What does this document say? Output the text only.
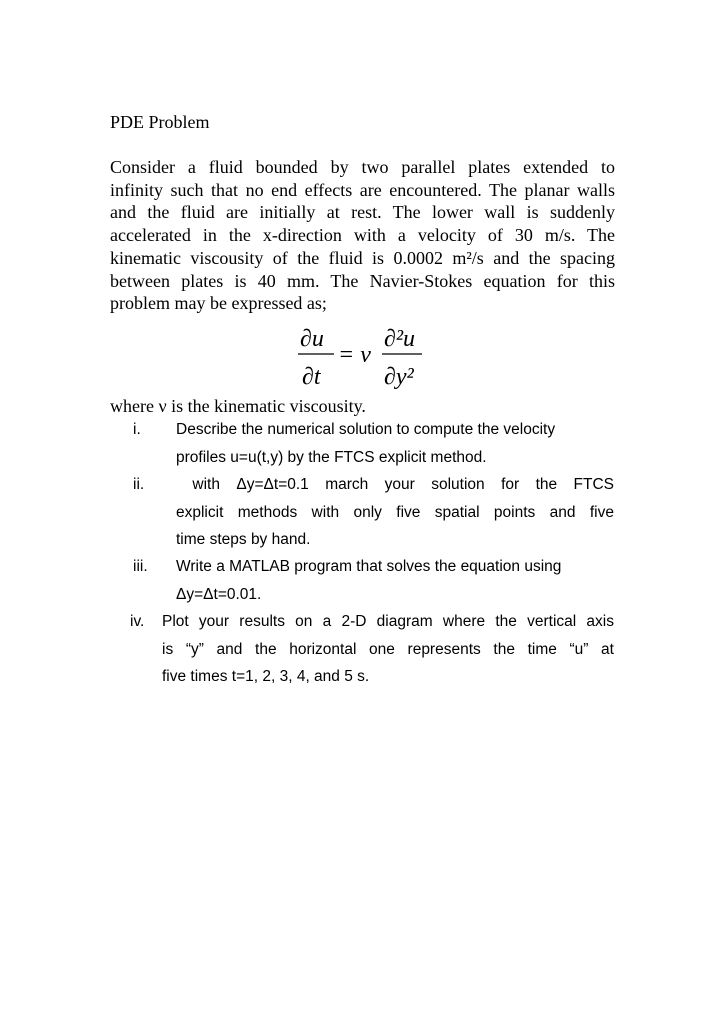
PDE Problem
Consider a fluid bounded by two parallel plates extended to
infinity such that no end effects are encountered. The planar walls
and the fluid are initially at rest. The lower wall is suddenly
accelerated in the x-direction with a velocity of 30 m/s. The
kinematic viscousity of the fluid is 0.0002 m²/s and the spacing
between plates is 40 mm. The Navier-Stokes equation for this
problem may be expressed as;
∂u
∂t
= ν
∂²u
∂y²
where ν is the kinematic viscousity.
i. Describe the numerical solution to compute the velocity
profiles u=u(t,y) by the FTCS explicit method.
ii. with Δy=Δt=0.1 march your solution for the FTCS
explicit methods with only five spatial points and five
time steps by hand.
iii. Write a MATLAB program that solves the equation using
Δy=Δt=0.01.
iv. Plot your results on a 2-D diagram where the vertical axis
is “y” and the horizontal one represents the time “u” at
five times t=1, 2, 3, 4, and 5 s.
